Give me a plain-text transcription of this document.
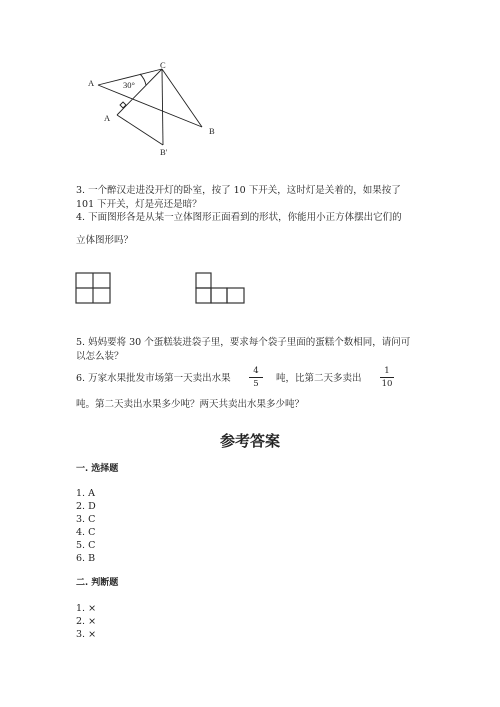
A
C
30°
A
B
B'
3. 一个醉汉走进没开灯的卧室，按了 10 下开关，这时灯是关着的，如果按了
101 下开关，灯是亮还是暗？
4. 下面图形各是从某一立体图形正面看到的形状，你能用小正方体摆出它们的
立体图形吗？
5. 妈妈要将 30 个蛋糕装进袋子里，要求每个袋子里面的蛋糕个数相同，请问可
以怎么装？
6. 万家水果批发市场第一天卖出水果 $\frac{4}{5}$ 吨，比第二天多卖出 $\frac{1}{10}$
吨。第二天卖出水果多少吨？两天共卖出水果多少吨？
参考答案
一. 选择题
1. A
2. D
3. C
4. C
5. C
6. B
二. 判断题
1. ×
2. ×
3. ×
